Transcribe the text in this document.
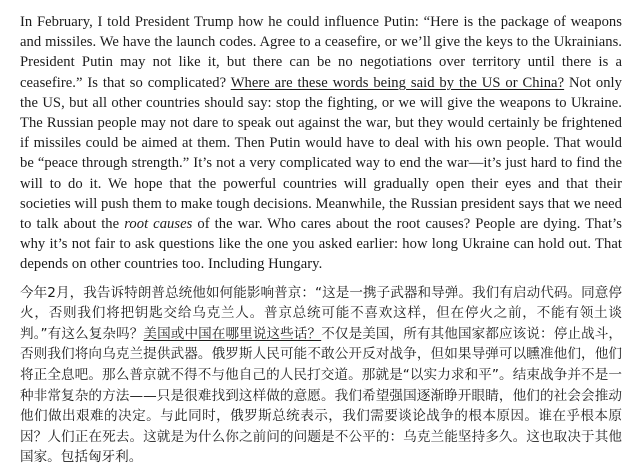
In February, I told President Trump how he could influence Putin: “Here is the package of weapons and missiles. We have the launch codes. Agree to a ceasefire, or we’ll give the keys to the Ukrainians. President Putin may not like it, but there can be no negotiations over territory until there is a ceasefire.” Is that so complicated? Where are these words being said by the US or China? Not only the US, but all other countries should say: stop the fighting, or we will give the weapons to Ukraine. The Russian people may not dare to speak out against the war, but they would certainly be frightened if missiles could be aimed at them. Then Putin would have to deal with his own people. That would be “peace through strength.” It’s not a very complicated way to end the war—it’s just hard to find the will to do it. We hope that the powerful countries will gradually open their eyes and that their societies will push them to make tough decisions. Meanwhile, the Russian president says that we need to talk about the root causes of the war. Who cares about the root causes? People are dying. That’s why it’s not fair to ask questions like the one you asked earlier: how long Ukraine can hold out. That depends on other countries too. Including Hungary.

今年2月，我告诉特朗普总统他如何能影响普京：“这是一携子武器和导弹。我们有启动代码。同意停火，否则我们将把钥匙交给乌克兰人。普京总统可能不喜欢这样，但在停火之前，不能有领土谈判。”有这么复杂吗？美国或中国在哪里说这些话？不仅是美国，所有其他国家都应该说：停止战斗，否则我们将向乌克兰提供武器。俄罗斯人民可能不敢公开反对战争，但如果导弹可以矄准他们，他们将正全息吧。那么普京就不得不与他自己的人民打交道。那就是“以实力求和平”。结束战争并不是一种非常复杂的方法——只是很难找到这样做的意愿。我们希望强国逐渐睁开眼睛，他们的社会会推动他们做出艰难的决定。与此同时，俄罗斯总统表示，我们需要谈论战争的根本原因。谁在乎根本原因？人们正在死去。这就是为什么你之前问的问题是不公平的：乌克兰能坚持多久。这也取决于其他国家。包括匈牙利。
